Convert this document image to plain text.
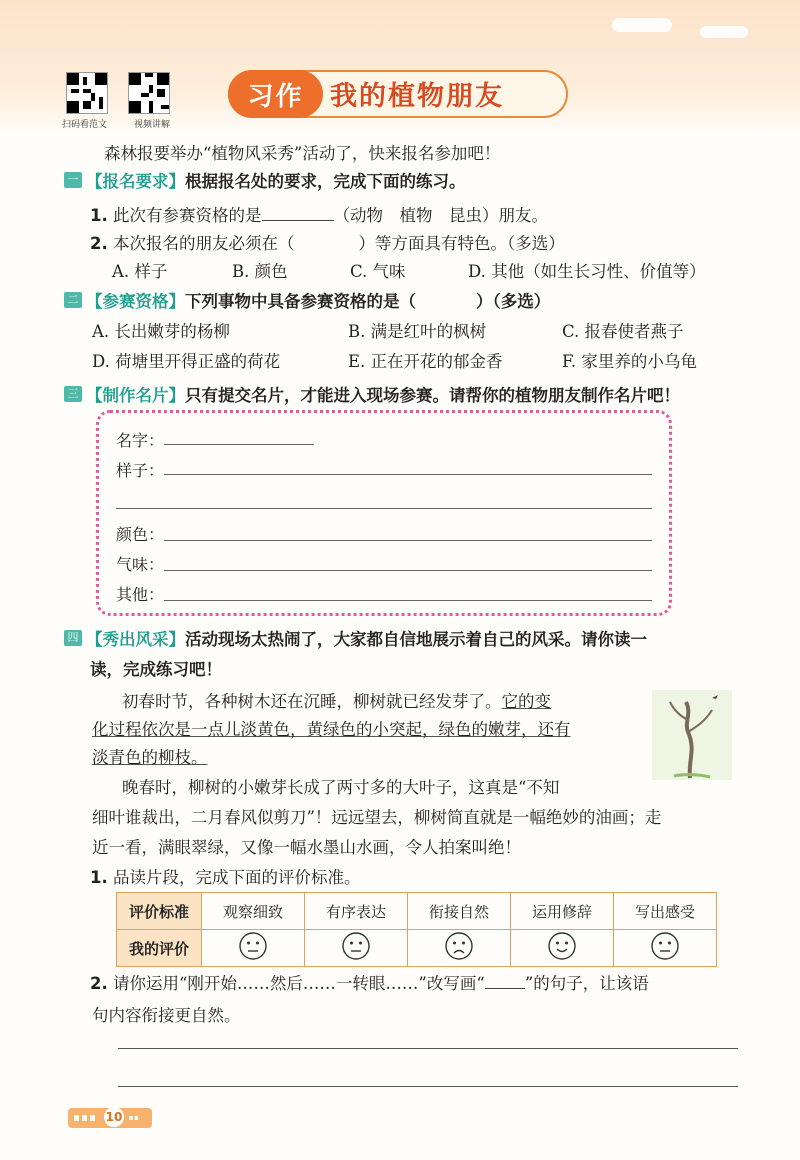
扫码看范文	视频讲解
习作 我的植物朋友
森林报要举办“植物风采秀”活动了，快来报名参加吧！
一 【报名要求】根据报名处的要求，完成下面的练习。
1. 此次有参赛资格的是	（动物　植物　昆虫）朋友。
2. 本次报名的朋友必须在（	）等方面具有特色。（多选）
A. 样子	B. 颜色	C. 气味	D. 其他（如生长习性、价值等）
二 【参赛资格】下列事物中具备参赛资格的是（	）（多选）
A. 长出嫩芽的杨柳	B. 满是红叶的枫树	C. 报春使者燕子
D. 荷塘里开得正盛的荷花	E. 正在开花的郁金香	F. 家里养的小乌龟
三 【制作名片】只有提交名片，才能进入现场参赛。请帮你的植物朋友制作名片吧！
名字：
样子：
颜色：
气味：
其他：
四 【秀出风采】活动现场太热闹了，大家都自信地展示着自己的风采。请你读一
读，完成练习吧！
初春时节，各种树木还在沉睡，柳树就已经发芽了。它的变
化过程依次是一点儿淡黄色，黄绿色的小突起，绿色的嫩芽，还有
淡青色的柳枝。
晚春时，柳树的小嫩芽长成了两寸多的大叶子，这真是“不知
细叶谁裁出，二月春风似剪刀”！远远望去，柳树简直就是一幅绝妙的油画；走
近一看，满眼翠绿，又像一幅水墨山水画，令人拍案叫绝！
1. 品读片段，完成下面的评价标准。
评价标准	观察细致	有序表达	衔接自然	运用修辞	写出感受
我的评价					
2. 请你运用“刚开始……然后……一转眼……”改写画“ ”的句子，让该语
句内容衔接更自然。
10
